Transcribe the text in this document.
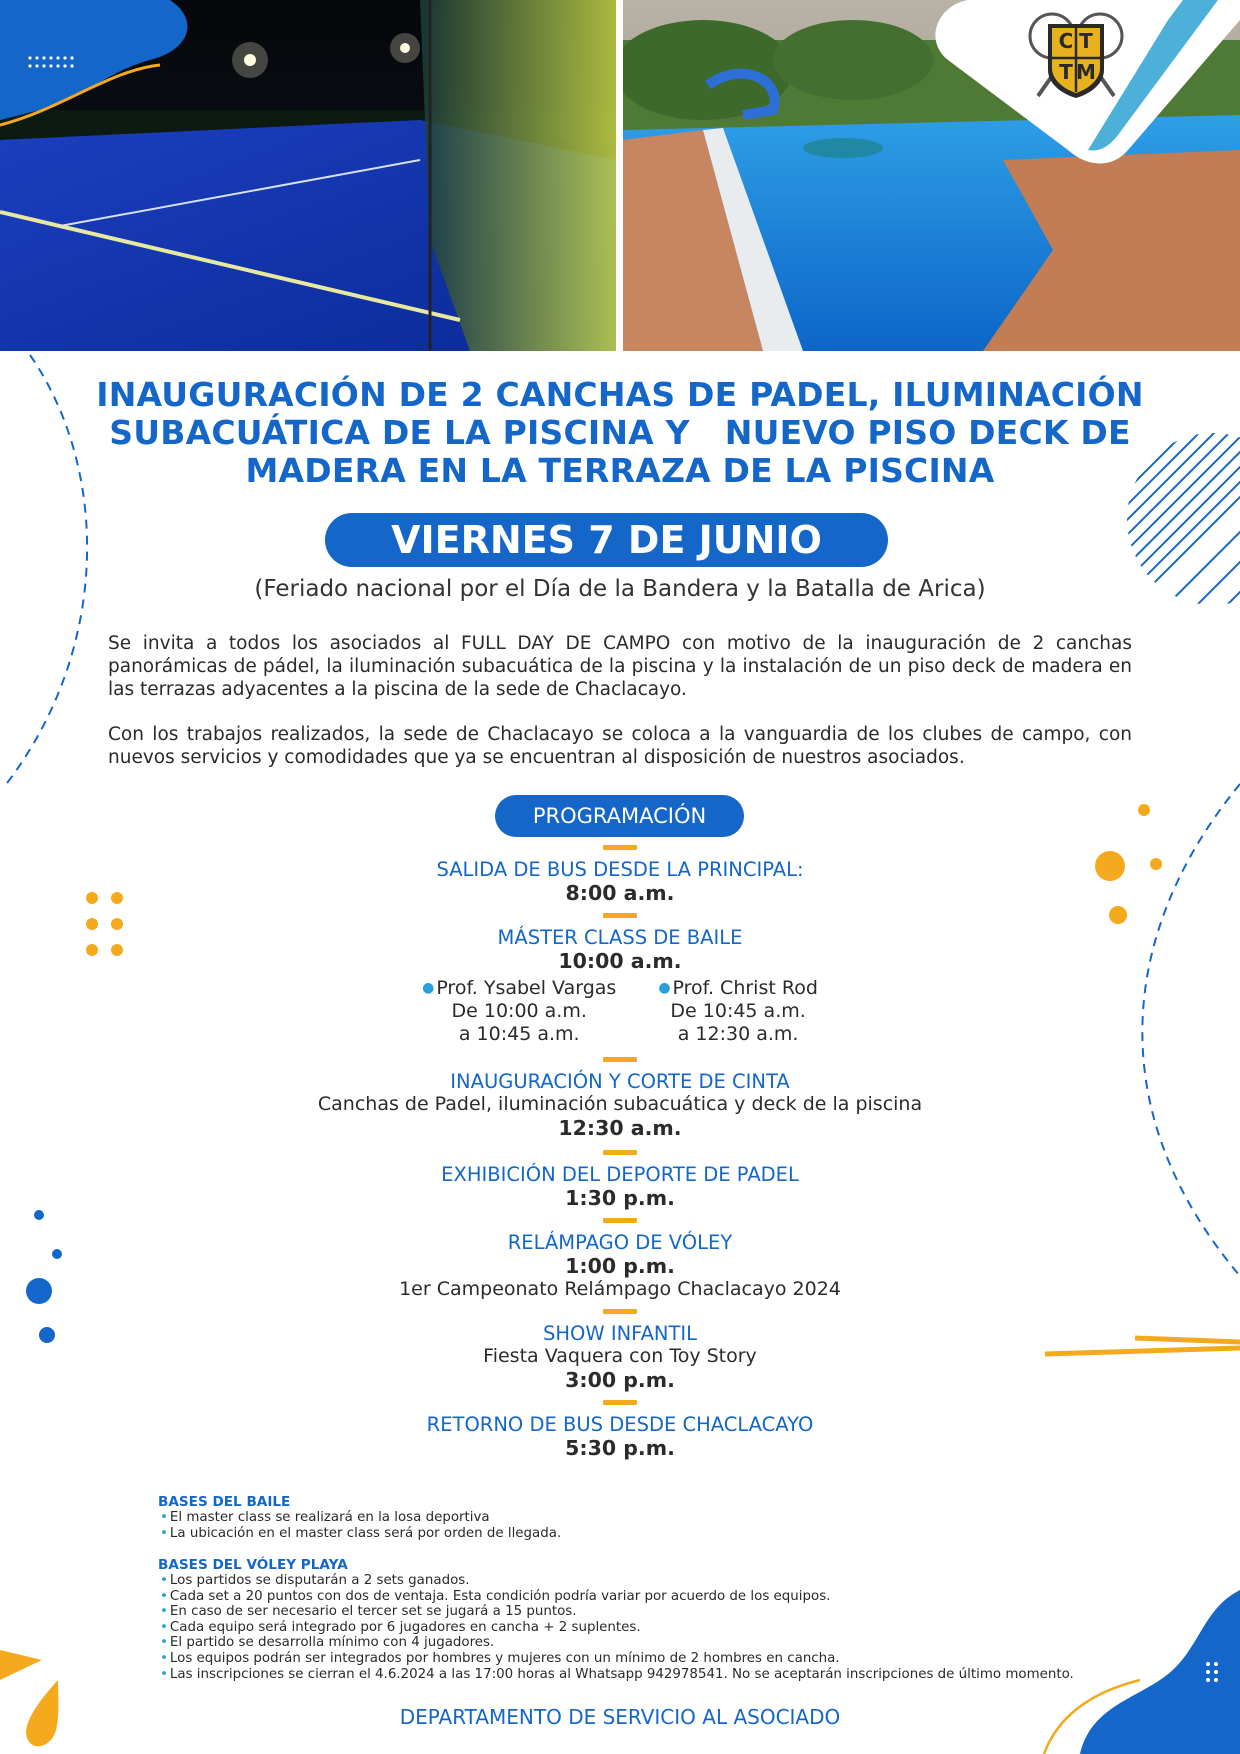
C T
T M
INAUGURACIÓN DE 2 CANCHAS DE PADEL, ILUMINACIÓN
SUBACUÁTICA DE LA PISCINA Y   NUEVO PISO DECK DE
MADERA EN LA TERRAZA DE LA PISCINA
VIERNES 7 DE JUNIO
(Feriado nacional por el Día de la Bandera y la Batalla de Arica)
Se invita a todos los asociados al FULL DAY DE CAMPO con motivo de la inauguración de 2 canchas panorámicas de pádel, la iluminación subacuática de la piscina y la instalación de un piso deck de madera en las terrazas adyacentes a la piscina de la sede de Chaclacayo.
Con los trabajos realizados, la sede de Chaclacayo se coloca a la vanguardia de los clubes de campo, con nuevos servicios y comodidades que ya se encuentran al disposición de nuestros asociados.
PROGRAMACIÓN
SALIDA DE BUS DESDE LA PRINCIPAL:
8:00 a.m.
MÁSTER CLASS DE BAILE
10:00 a.m.
● Prof. Ysabel Vargas
De 10:00 a.m.
a 10:45 a.m.
● Prof. Christ Rod
De 10:45 a.m.
a 12:30 a.m.
INAUGURACIÓN Y CORTE DE CINTA
Canchas de Padel, iluminación subacuática y deck de la piscina
12:30 a.m.
EXHIBICIÓN DEL DEPORTE DE PADEL
1:30 p.m.
RELÁMPAGO DE VÓLEY
1:00 p.m.
1er Campeonato Relámpago Chaclacayo 2024
SHOW INFANTIL
Fiesta Vaquera con Toy Story
3:00 p.m.
RETORNO DE BUS DESDE CHACLACAYO
5:30 p.m.
BASES DEL BAILE
• El master class se realizará en la losa deportiva
• La ubicación en el master class será por orden de llegada.
BASES DEL VÓLEY PLAYA
• Los partidos se disputarán a 2 sets ganados.
• Cada set a 20 puntos con dos de ventaja. Esta condición podría variar por acuerdo de los equipos.
• En caso de ser necesario el tercer set se jugará a 15 puntos.
• Cada equipo será integrado por 6 jugadores en cancha + 2 suplentes.
• El partido se desarrolla mínimo con 4 jugadores.
• Los equipos podrán ser integrados por hombres y mujeres con un mínimo de 2 hombres en cancha.
• Las inscripciones se cierran el 4.6.2024 a las 17:00 horas al Whatsapp 942978541. No se aceptarán inscripciones de último momento.
DEPARTAMENTO DE SERVICIO AL ASOCIADO
